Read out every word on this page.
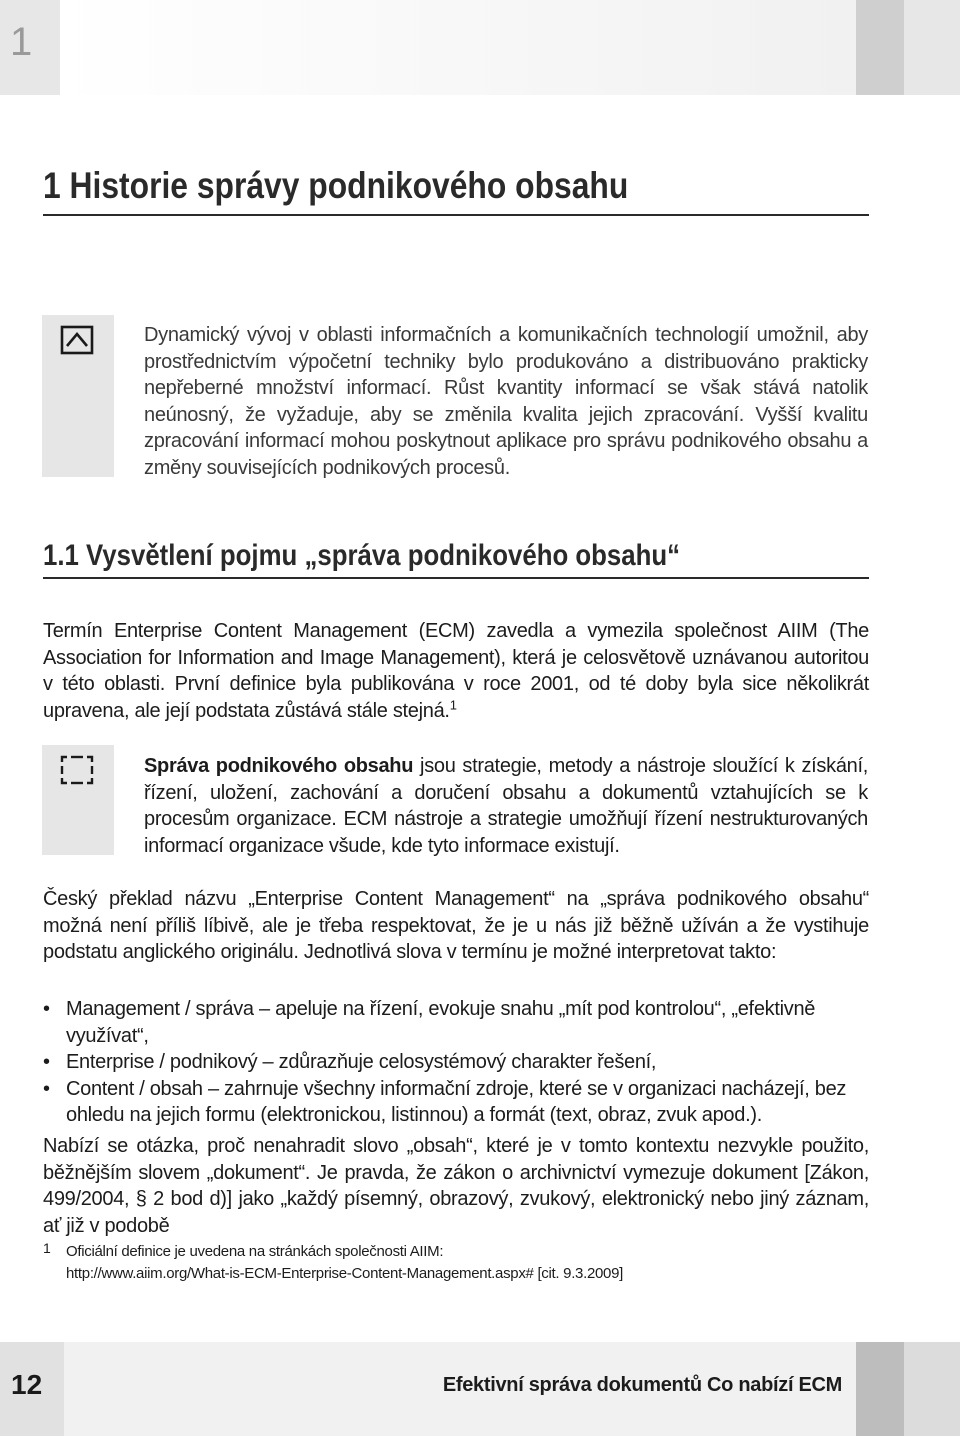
1
1 Historie správy podnikového obsahu
Dynamický vývoj v oblasti informačních a komunikačních technologií umožnil, aby prostřednictvím výpočetní techniky bylo produkováno a distribuováno prakticky nepřeberné množství informací. Růst kvantity informací se však stává natolik neúnosný, že vyžaduje, aby se změnila kvalita jejich zpracování. Vyšší kvalitu zpracování informací mohou poskytnout aplikace pro správu podnikového obsahu a změny souvisejících podnikových procesů.
1.1 Vysvětlení pojmu „správa podnikového obsahu“
Termín Enterprise Content Management (ECM) zavedla a vymezila společnost AIIM (The Association for Information and Image Management), která je celosvětově uznávanou autoritou v této oblasti. První definice byla publikována v roce 2001, od té doby byla sice několikrát upravena, ale její podstata zůstává stále stejná.$^1$
Správa podnikového obsahu jsou strategie, metody a nástroje sloužící k získání, řízení, uložení, zachování a doručení obsahu a dokumentů vztahujících se k procesům organizace. ECM nástroje a strategie umožňují řízení nestrukturovaných informací organizace všude, kde tyto informace existují.
Český překlad názvu „Enterprise Content Management“ na „správa podnikového obsahu“ možná není příliš líbivě, ale je třeba respektovat, že je u nás již běžně užíván a že vystihuje podstatu anglického originálu. Jednotlivá slova v termínu je možné interpretovat takto:
• Management / správa – apeluje na řízení, evokuje snahu „mít pod kontrolou“, „efektivně využívat“,
• Enterprise / podnikový – zdůrazňuje celosystémový charakter řešení,
• Content / obsah – zahrnuje všechny informační zdroje, které se v organizaci nacházejí, bez ohledu na jejich formu (elektronickou, listinnou) a formát (text, obraz, zvuk apod.).
Nabízí se otázka, proč nenahradit slovo „obsah“, které je v tomto kontextu nezvykle použito, běžnějším slovem „dokument“. Je pravda, že zákon o archivnictví vymezuje dokument [Zákon, 499/2004, § 2 bod d)] jako „každý písemný, obrazový, zvukový, elektronický nebo jiný záznam, ať již v podobě
1 Oficiální definice je uvedena na stránkách společnosti AIIM:
http://www.aiim.org/What-is-ECM-Enterprise-Content-Management.aspx# [cit. 9.3.2009]
12	Efektivní správa dokumentů Co nabízí ECM
